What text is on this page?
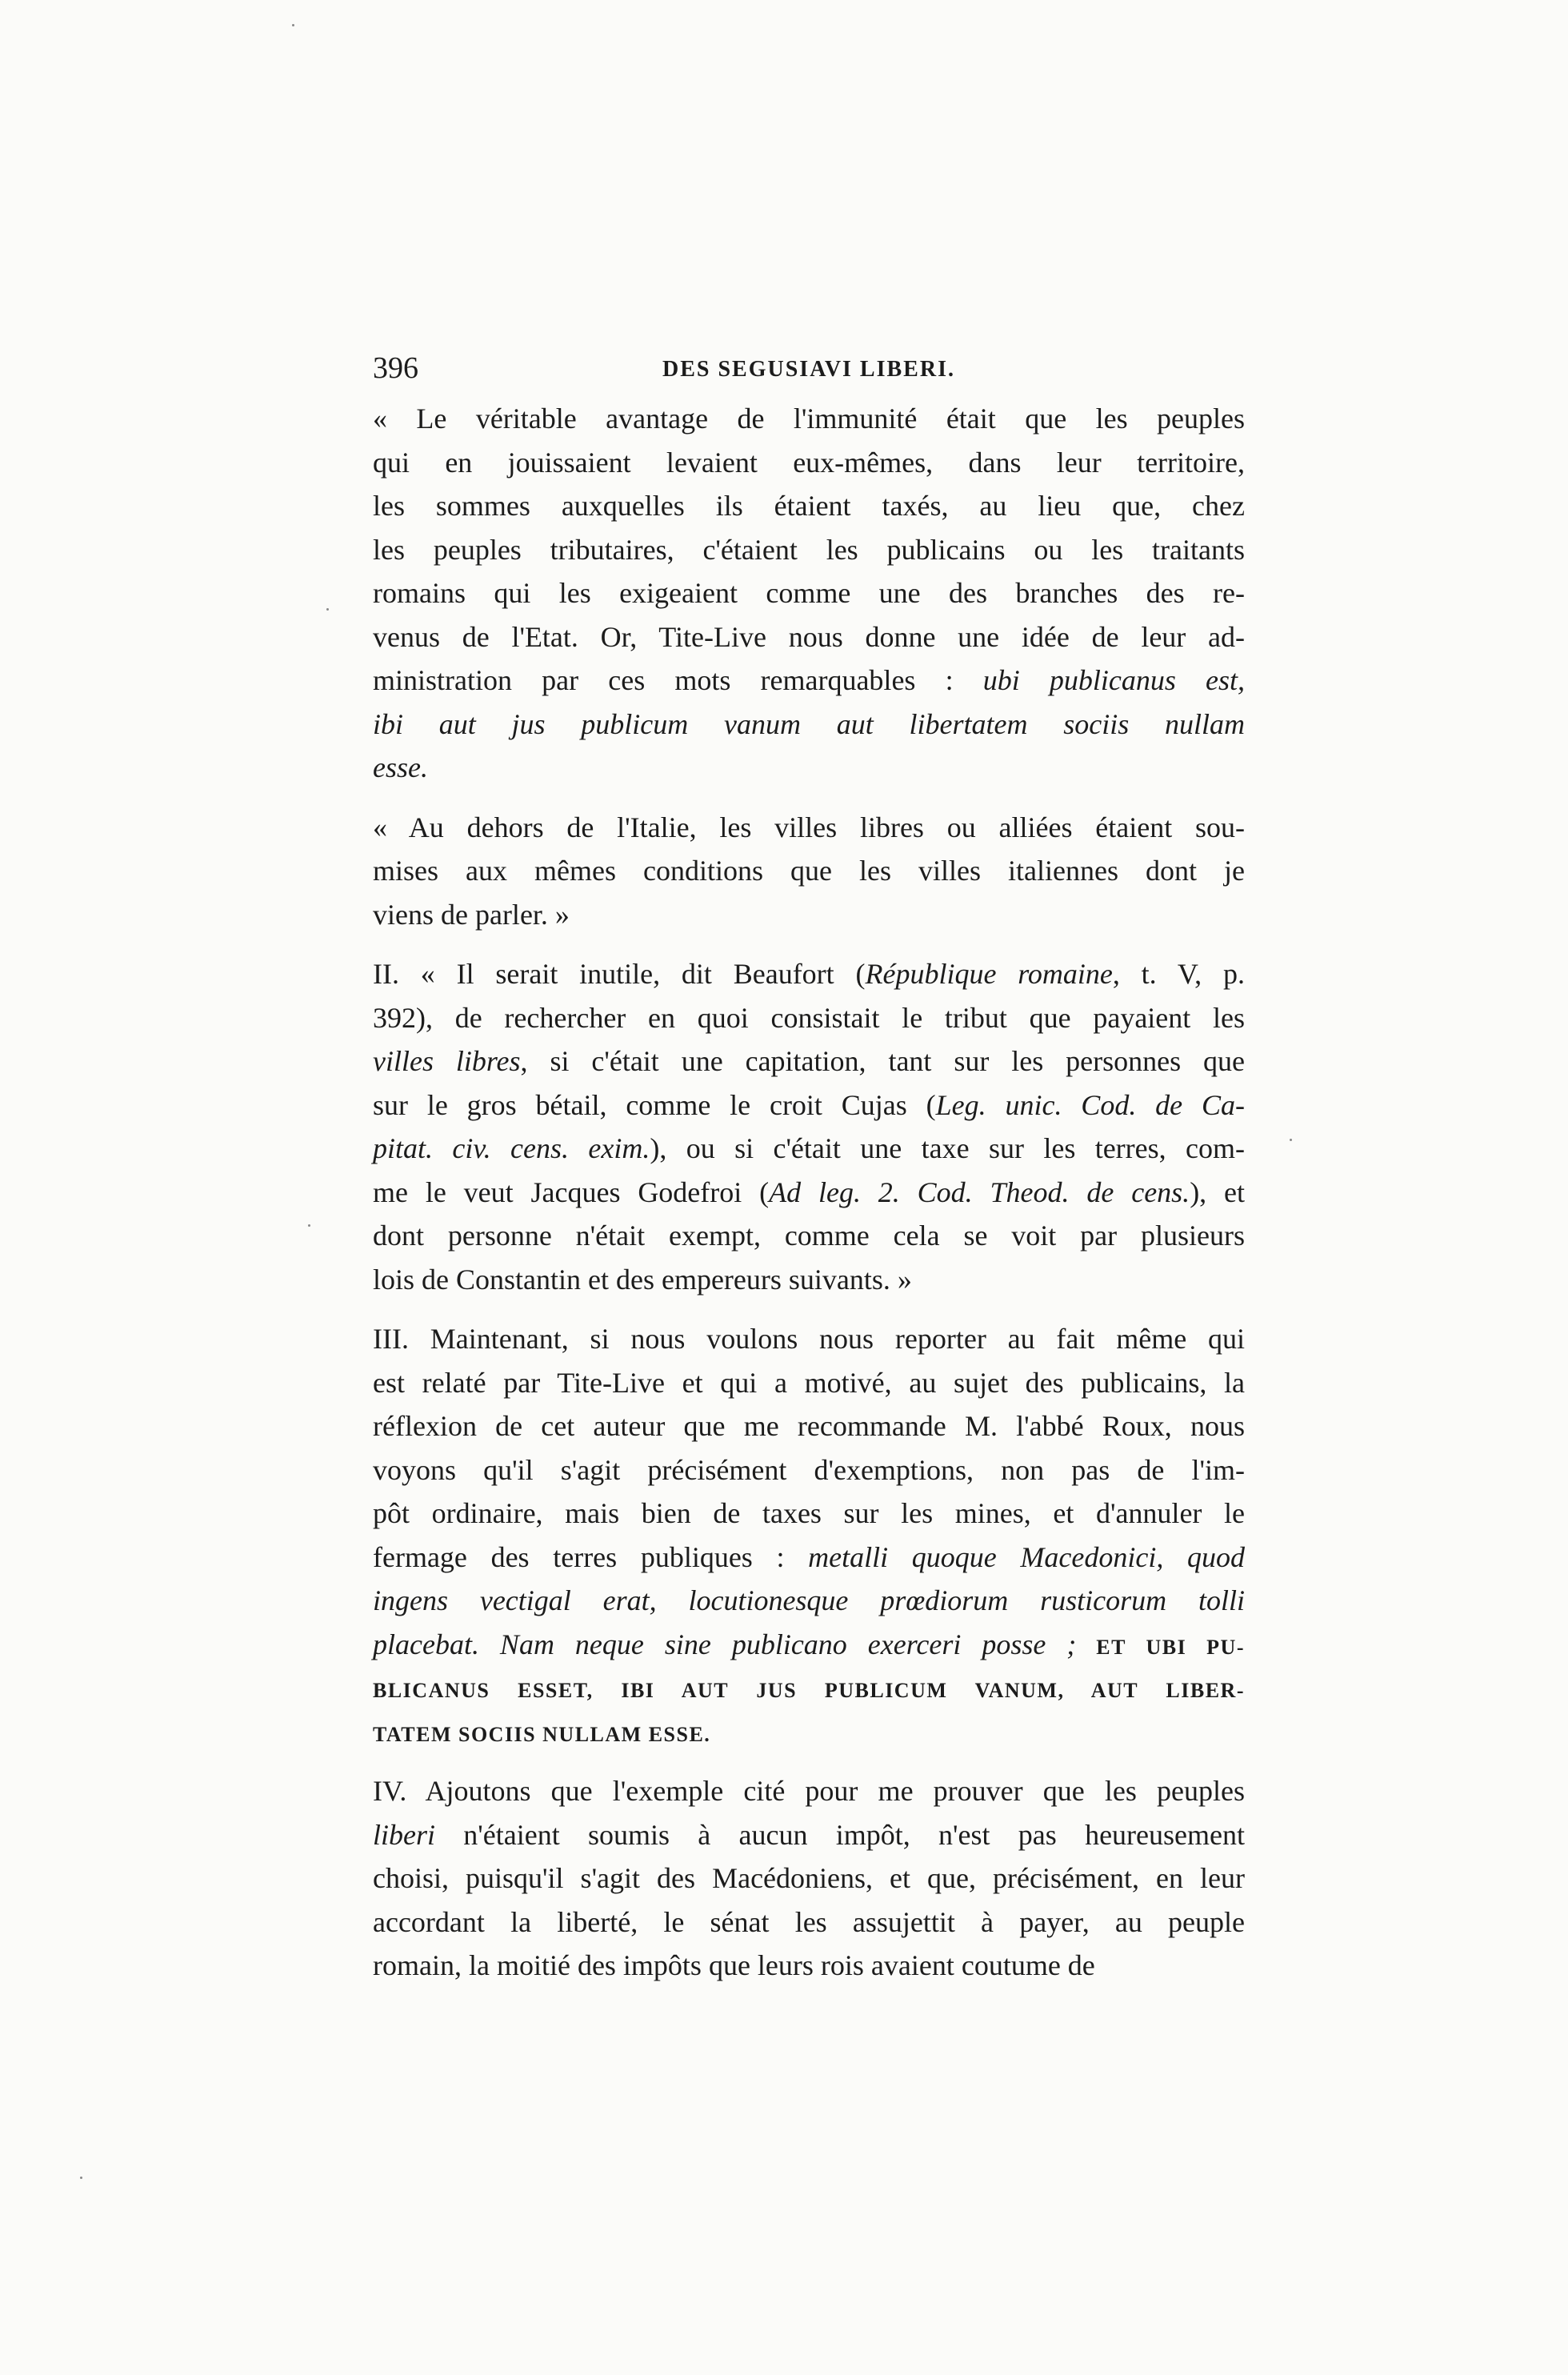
396	DES SEGUSIAVI LIBERI.
« Le véritable avantage de l'immunité était que les peuples
qui en jouissaient levaient eux-mêmes, dans leur territoire,
les sommes auxquelles ils étaient taxés, au lieu que, chez
les peuples tributaires, c'étaient les publicains ou les traitants
romains qui les exigeaient comme une des branches des re-
venus de l'Etat. Or, Tite-Live nous donne une idée de leur ad-
ministration par ces mots remarquables : ubi publicanus est,
ibi aut jus publicum vanum aut libertatem sociis nullam
esse.
« Au dehors de l'Italie, les villes libres ou alliées étaient sou-
mises aux mêmes conditions que les villes italiennes dont je
viens de parler. »
II. « Il serait inutile, dit Beaufort (République romaine, t. V, p.
392), de rechercher en quoi consistait le tribut que payaient les
villes libres, si c'était une capitation, tant sur les personnes que
sur le gros bétail, comme le croit Cujas (Leg. unic. Cod. de Ca-
pitat. civ. cens. exim.), ou si c'était une taxe sur les terres, com-
me le veut Jacques Godefroi (Ad leg. 2. Cod. Theod. de cens.), et
dont personne n'était exempt, comme cela se voit par plusieurs
lois de Constantin et des empereurs suivants. »
III. Maintenant, si nous voulons nous reporter au fait même qui
est relaté par Tite-Live et qui a motivé, au sujet des publicains, la
réflexion de cet auteur que me recommande M. l'abbé Roux, nous
voyons qu'il s'agit précisément d'exemptions, non pas de l'im-
pôt ordinaire, mais bien de taxes sur les mines, et d'annuler le
fermage des terres publiques : metalli quoque Macedonici, quod
ingens vectigal erat, locutionesque prœdiorum rusticorum tolli
placebat. Nam neque sine publicano exerceri posse ; ET UBI PU-
BLICANUS ESSET, IBI AUT JUS PUBLICUM VANUM, AUT LIBER-
TATEM SOCIIS NULLAM ESSE.
IV. Ajoutons que l'exemple cité pour me prouver que les peuples
liberi n'étaient soumis à aucun impôt, n'est pas heureusement
choisi, puisqu'il s'agit des Macédoniens, et que, précisément, en leur
accordant la liberté, le sénat les assujettit à payer, au peuple
romain, la moitié des impôts que leurs rois avaient coutume de
